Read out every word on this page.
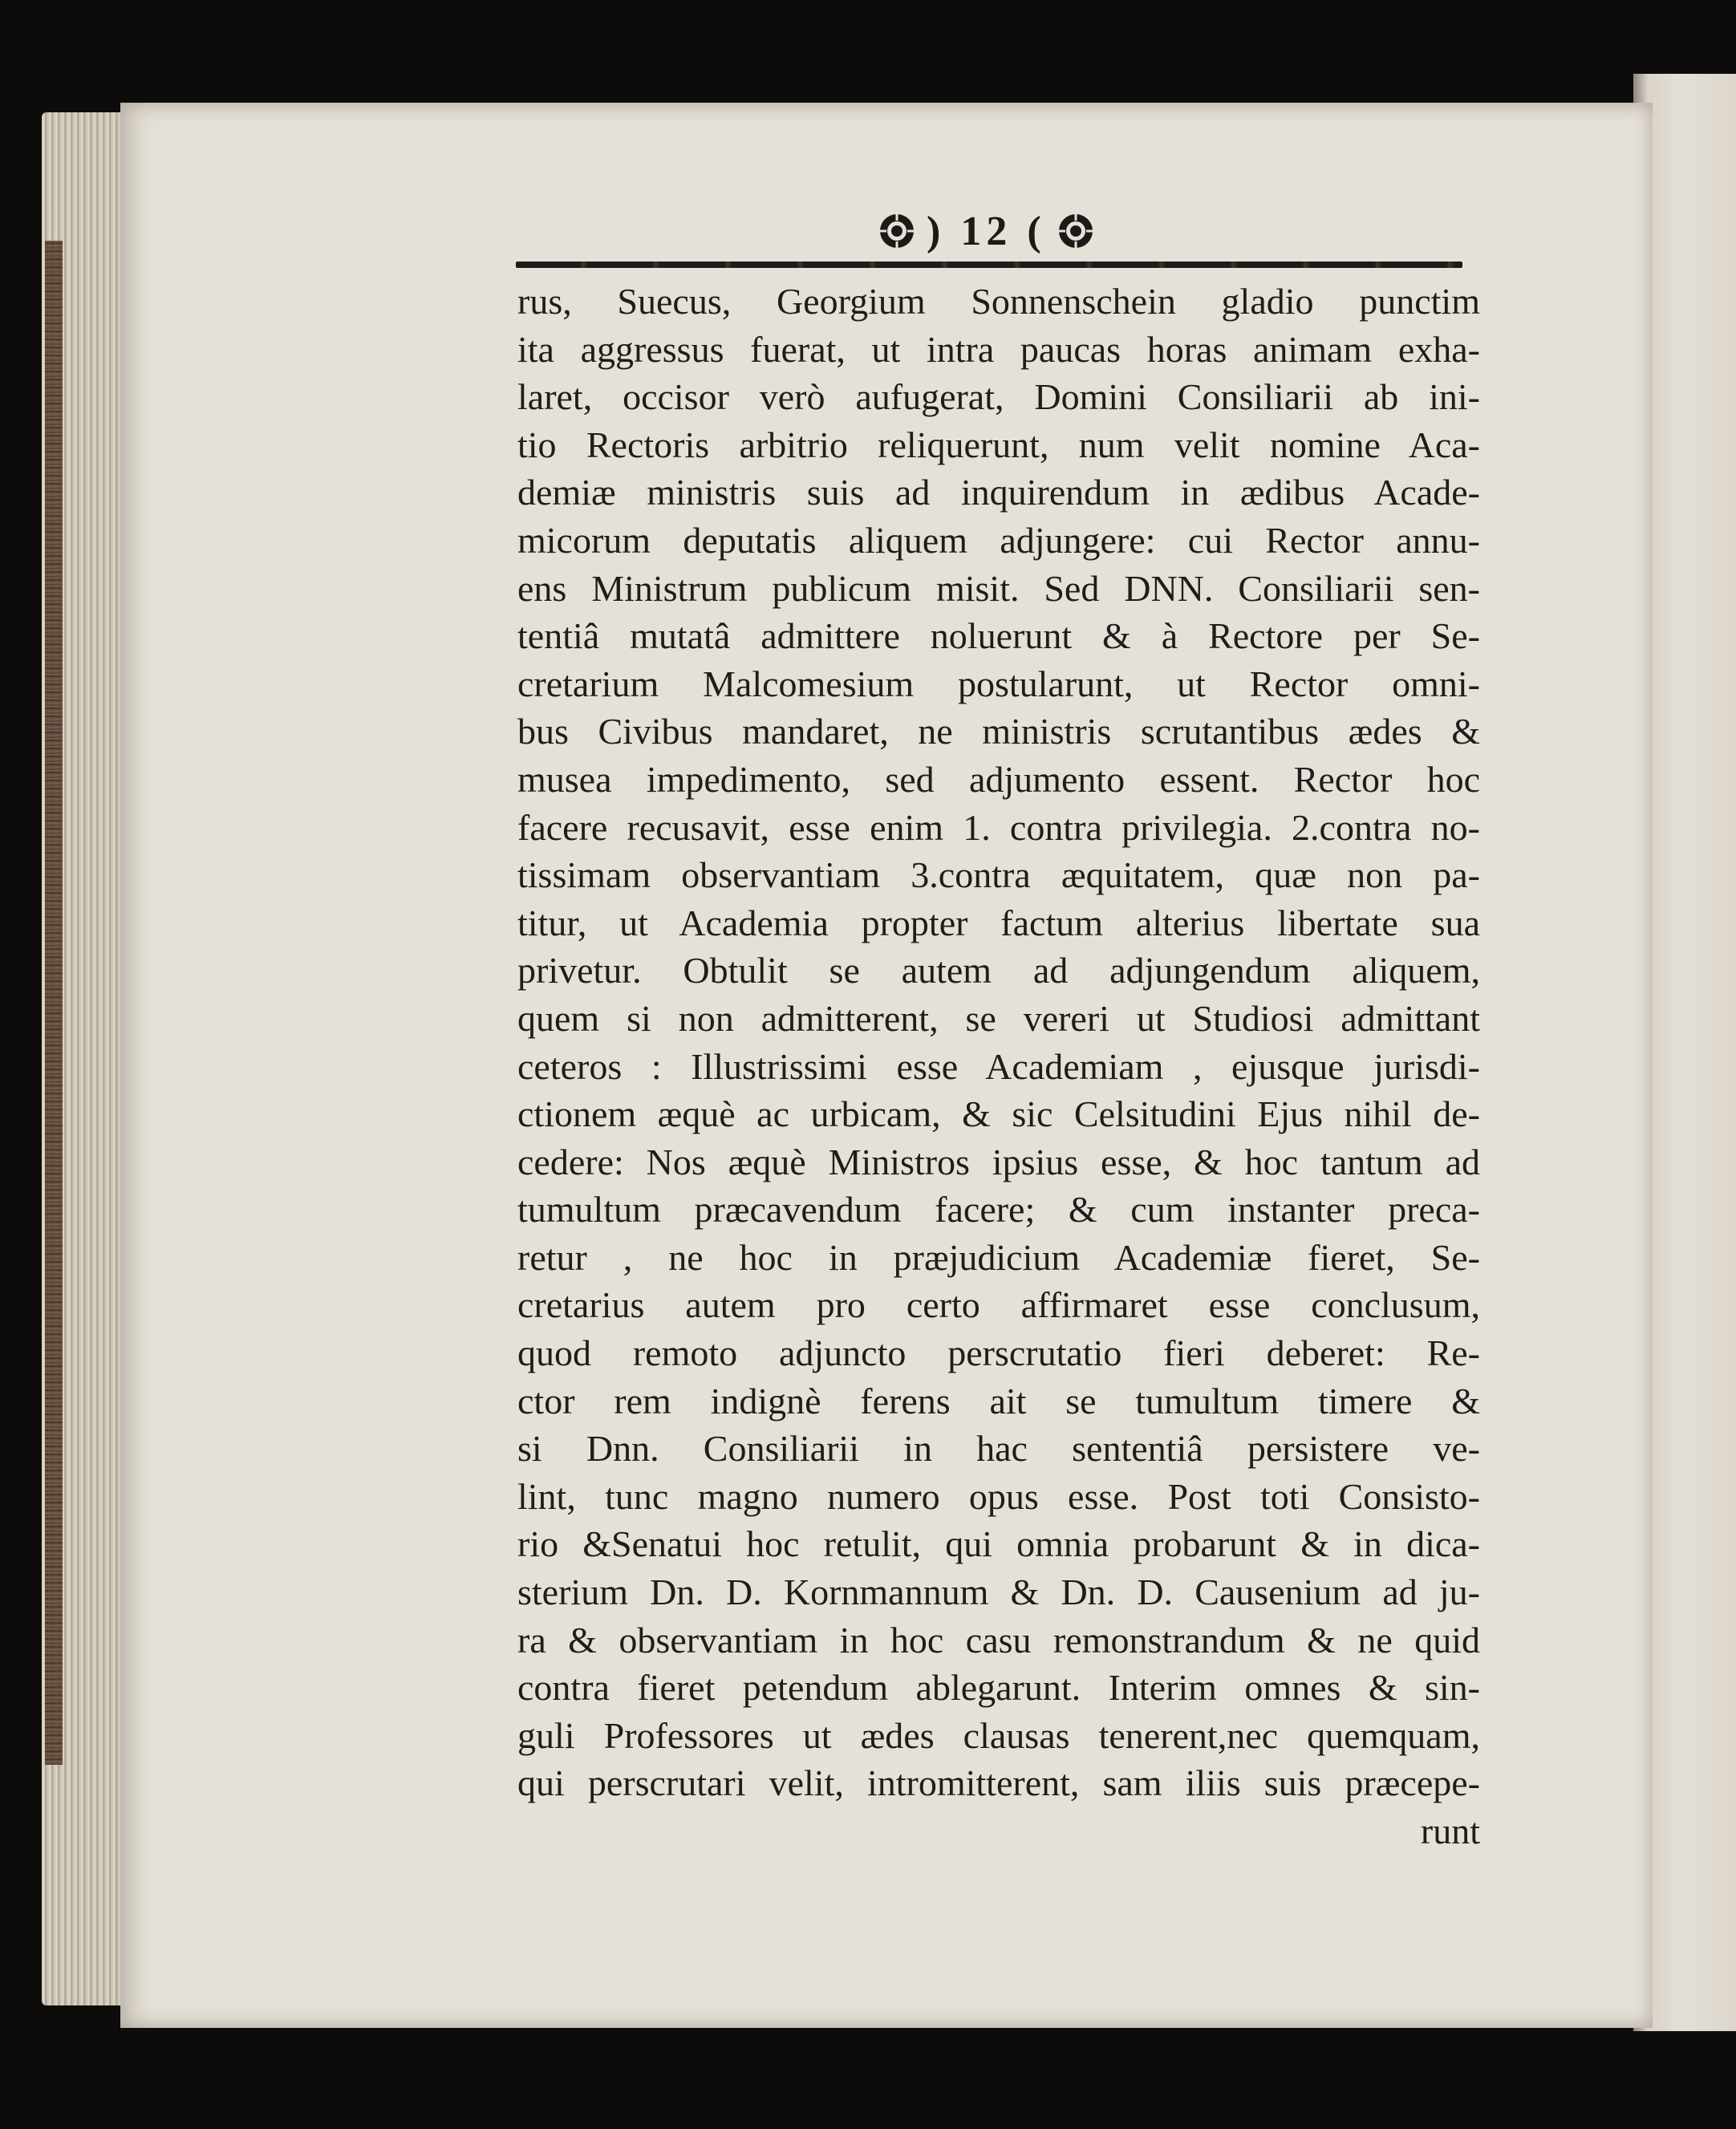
) 12 (
rus, Suecus, Georgium Sonnenschein gladio punctim
ita aggressus fuerat, ut intra paucas horas animam exha-
laret, occisor verò aufugerat, Domini Consiliarii ab ini-
tio Rectoris arbitrio reliquerunt, num velit nomine Aca-
demiæ ministris suis ad inquirendum in ædibus Acade-
micorum deputatis aliquem adjungere: cui Rector annu-
ens Ministrum publicum misit. Sed DNN. Consiliarii sen-
tentiâ mutatâ admittere noluerunt & à Rectore per Se-
cretarium Malcomesium postularunt, ut Rector omni-
bus Civibus mandaret, ne ministris scrutantibus ædes &
musea impedimento, sed adjumento essent. Rector hoc
facere recusavit, esse enim 1. contra privilegia. 2.contra no-
tissimam observantiam 3.contra æquitatem, quæ non pa-
titur, ut Academia propter factum alterius libertate sua
privetur. Obtulit se autem ad adjungendum aliquem,
quem si non admitterent, se vereri ut Studiosi admittant
ceteros : Illustrissimi esse Academiam , ejusque jurisdi-
ctionem æquè ac urbicam, & sic Celsitudini Ejus nihil de-
cedere: Nos æquè Ministros ipsius esse, & hoc tantum ad
tumultum præcavendum facere; & cum instanter preca-
retur , ne hoc in præjudicium Academiæ fieret, Se-
cretarius autem pro certo affirmaret esse conclusum,
quod remoto adjuncto perscrutatio fieri deberet: Re-
ctor rem indignè ferens ait se tumultum timere &
si Dnn. Consiliarii in hac sententiâ persistere ve-
lint, tunc magno numero opus esse. Post toti Consisto-
rio &Senatui hoc retulit, qui omnia probarunt & in dica-
sterium Dn. D. Kornmannum & Dn. D. Causenium ad ju-
ra & observantiam in hoc casu remonstrandum & ne quid
contra fieret petendum ablegarunt. Interim omnes & sin-
guli Professores ut ædes clausas tenerent,nec quemquam,
qui perscrutari velit, intromitterent, sam iliis suis præcepe-
runt
